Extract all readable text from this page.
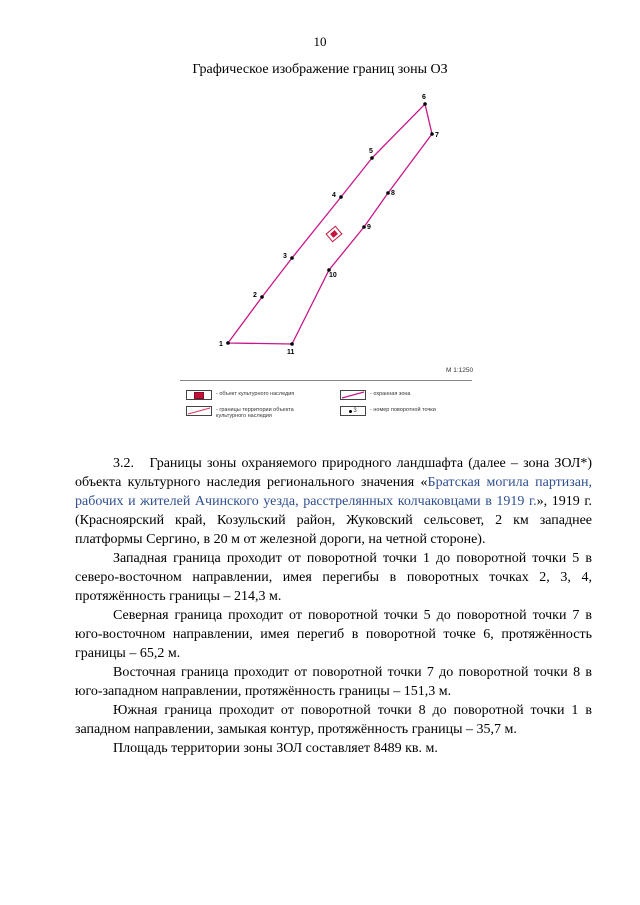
10
Графическое изображение границ зоны ОЗ
1
2
3
4
5
6
7
8
9
10
11
М 1:1250
- объект культурного наследия
- границы территории объекта культурного наследия
- охранная зона
3 - номер поворотной точки

3.2. Границы зоны охраняемого природного ландшафта (далее – зона ЗОЛ*) объекта культурного наследия регионального значения «Братская могила партизан, рабочих и жителей Ачинского уезда, расстрелянных колчаковцами в 1919 г.», 1919 г. (Красноярский край, Козульский район, Жуковский сельсовет, 2 км западнее платформы Сергино, в 20 м от железной дороги, на четной стороне).

Западная граница проходит от поворотной точки 1 до поворотной точки 5 в северо-восточном направлении, имея перегибы в поворотных точках 2, 3, 4, протяжённость границы – 214,3 м.

Северная граница проходит от поворотной точки 5 до поворотной точки 7 в юго-восточном направлении, имея перегиб в поворотной точке 6, протяжённость границы – 65,2 м.

Восточная граница проходит от поворотной точки 7 до поворотной точки 8 в юго-западном направлении, протяжённость границы – 151,3 м.

Южная граница проходит от поворотной точки 8 до поворотной точки 1 в западном направлении, замыкая контур, протяжённость границы – 35,7 м.

Площадь территории зоны ЗОЛ составляет 8489 кв. м.
